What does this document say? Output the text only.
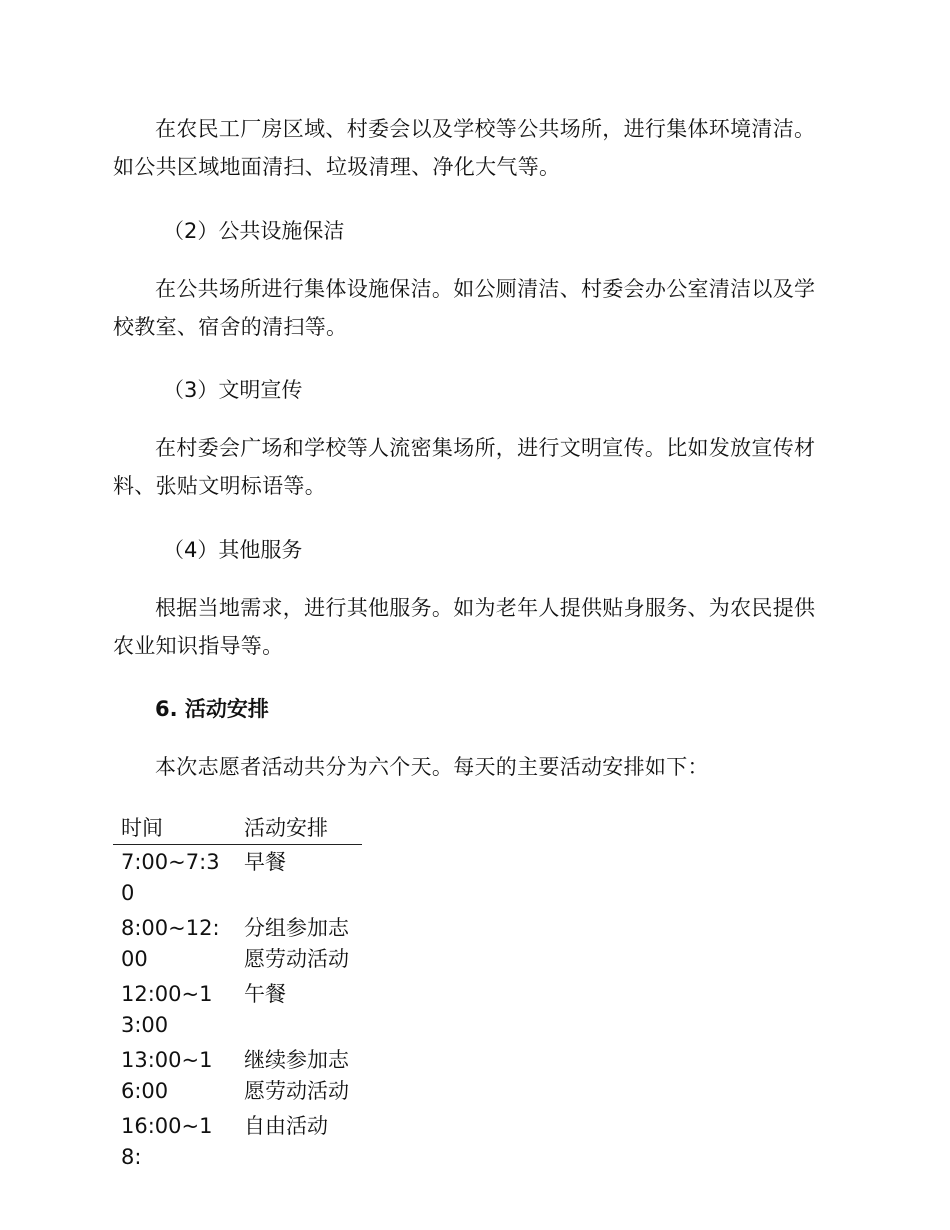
在农民工厂房区域、村委会以及学校等公共场所，进行集体环境清洁。如公共区域地面清扫、垃圾清理、净化大气等。

（2）公共设施保洁

在公共场所进行集体设施保洁。如公厕清洁、村委会办公室清洁以及学校教室、宿舍的清扫等。

（3）文明宣传

在村委会广场和学校等人流密集场所，进行文明宣传。比如发放宣传材料、张贴文明标语等。

（4）其他服务

根据当地需求，进行其他服务。如为老年人提供贴身服务、为农民提供农业知识指导等。

6. 活动安排

本次志愿者活动共分为六个天。每天的主要活动安排如下：

时间	活动安排
7:00~7:30	早餐
8:00~12:00	分组参加志愿劳动活动
12:00~13:00	午餐
13:00~16:00	继续参加志愿劳动活动
16:00~18:	自由活动
